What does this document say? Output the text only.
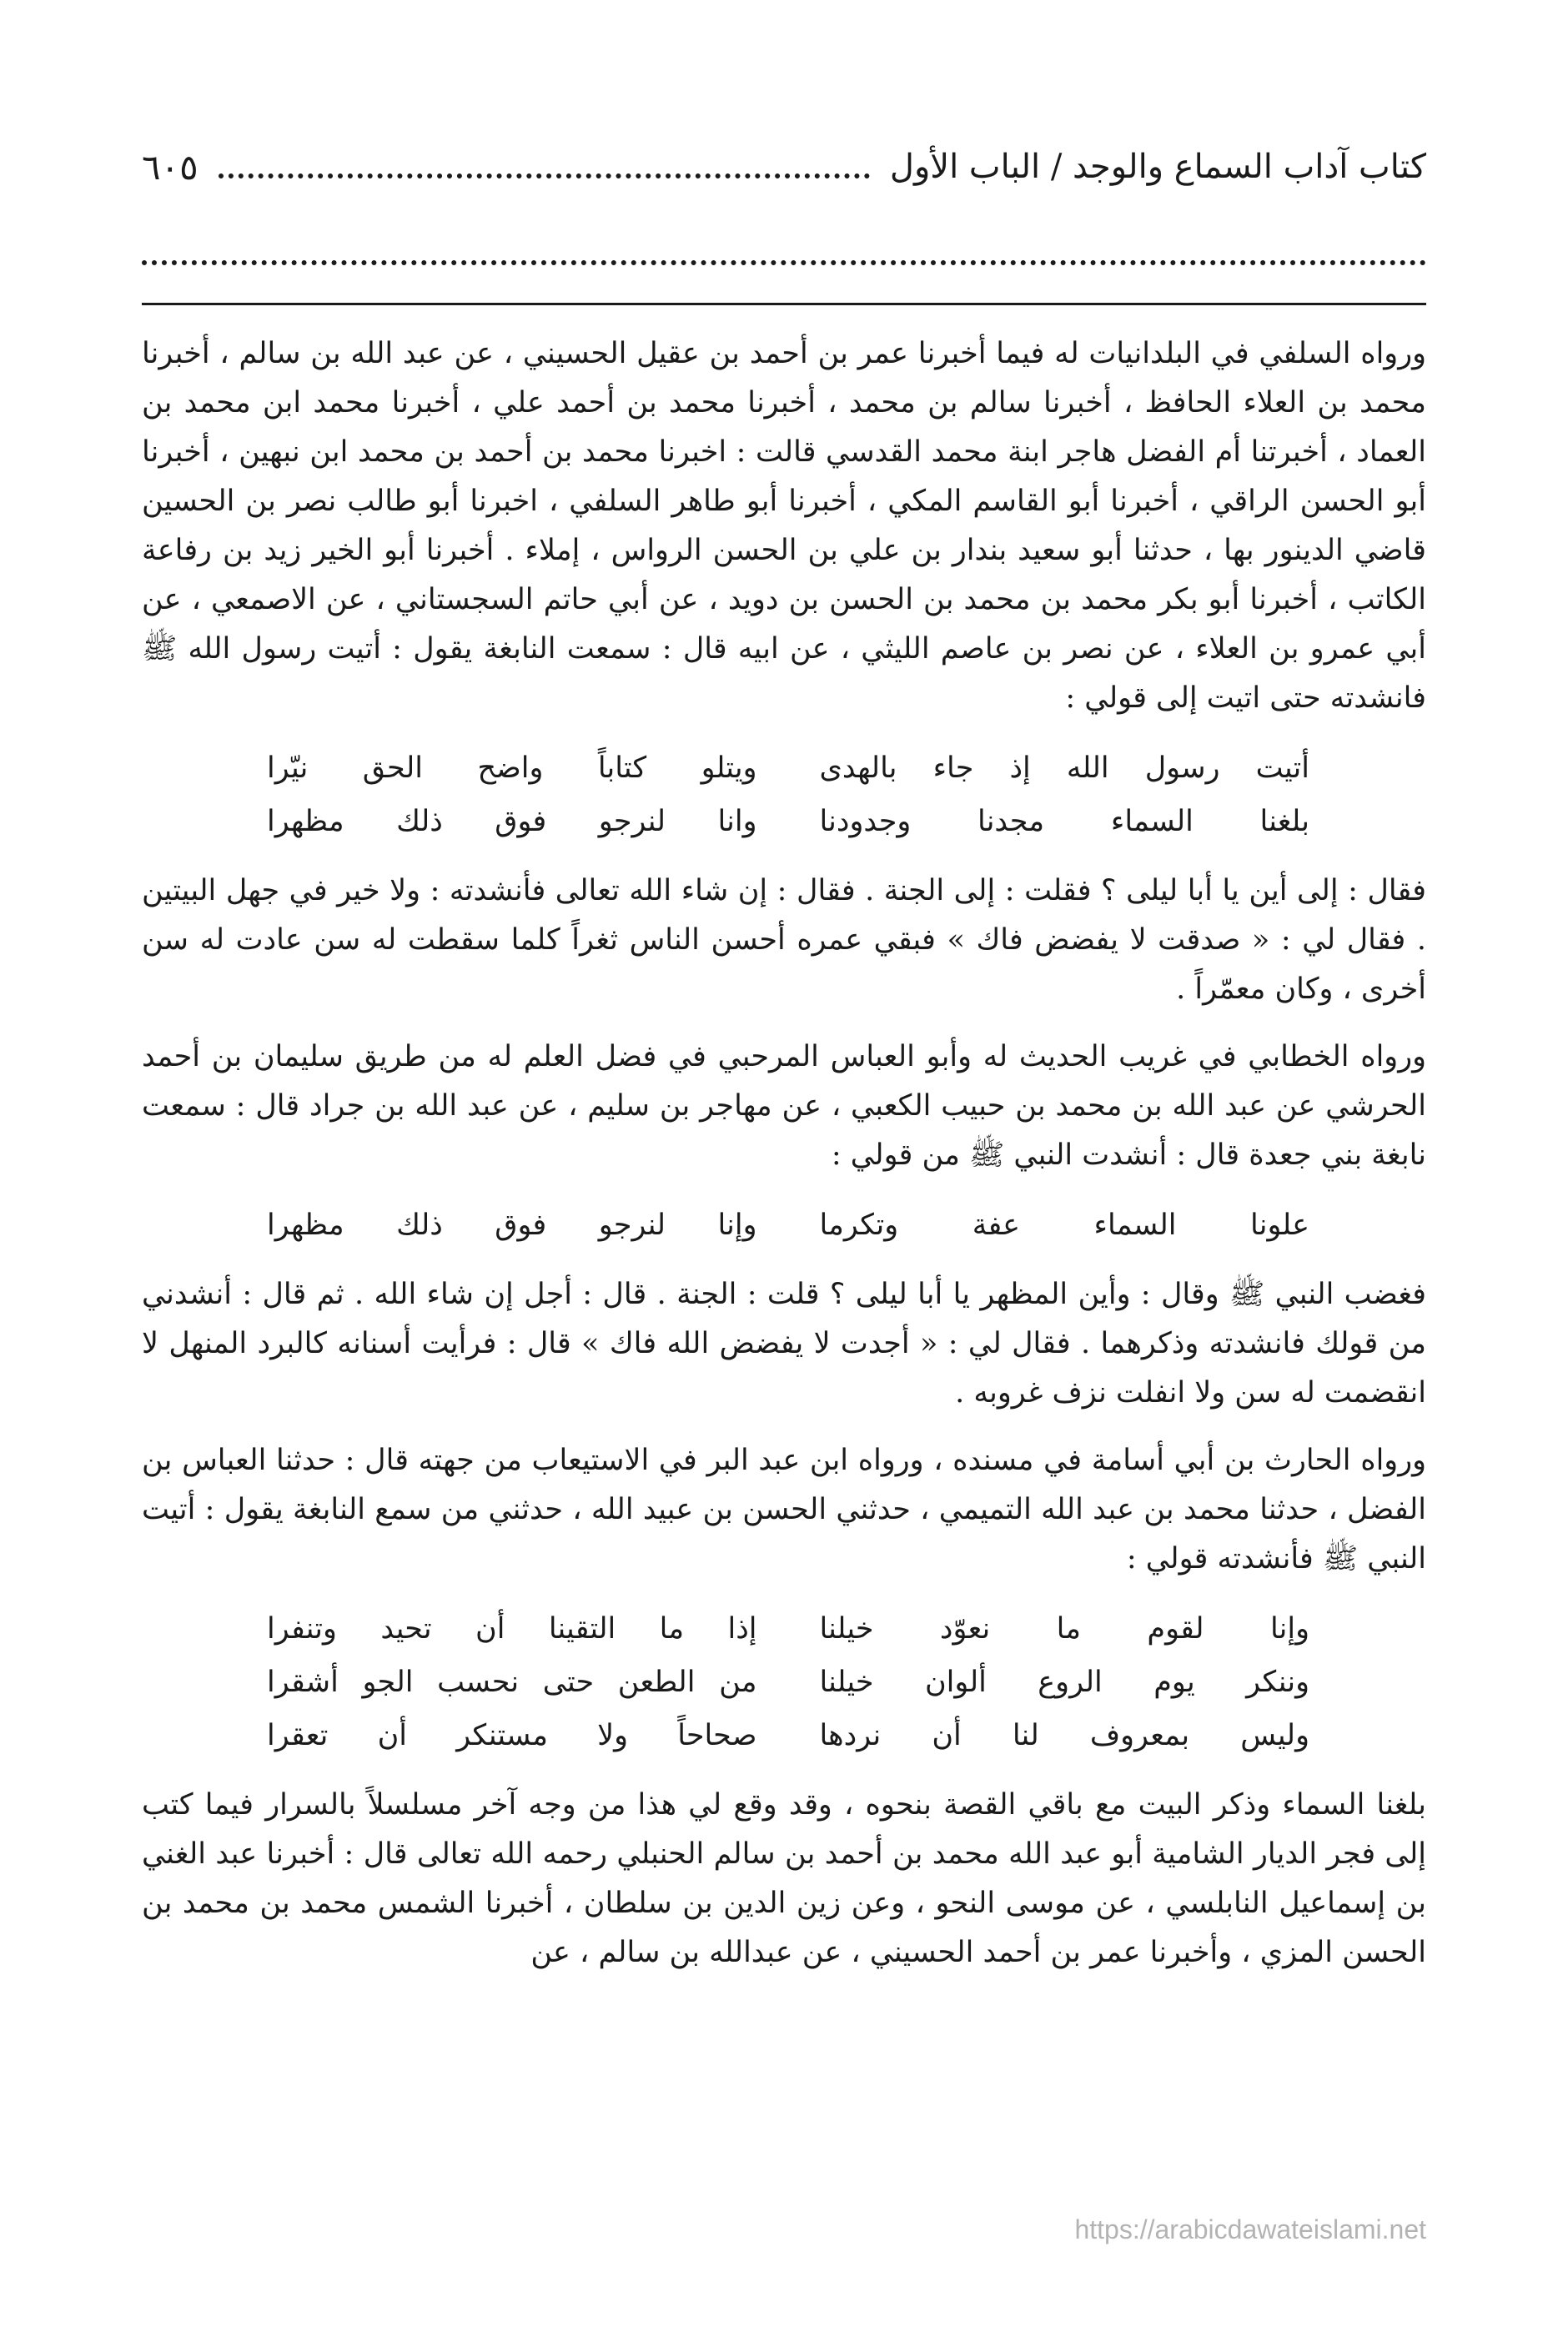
كتاب آداب السماع والوجد / الباب الأول
٦٠٥

ورواه السلفي في البلدانيات له فيما أخبرنا عمر بن أحمد بن عقيل الحسيني ، عن عبد الله بن سالم ، أخبرنا محمد بن العلاء الحافظ ، أخبرنا سالم بن محمد ، أخبرنا محمد بن أحمد علي ، أخبرنا محمد ابن محمد بن العماد ، أخبرتنا أم الفضل هاجر ابنة محمد القدسي قالت : اخبرنا محمد بن أحمد بن محمد ابن نبهين ، أخبرنا أبو الحسن الراقي ، أخبرنا أبو القاسم المكي ، أخبرنا أبو طاهر السلفي ، اخبرنا أبو طالب نصر بن الحسين قاضي الدينور بها ، حدثنا أبو سعيد بندار بن علي بن الحسن الرواس ، إملاء . أخبرنا أبو الخير زيد بن رفاعة الكاتب ، أخبرنا أبو بكر محمد بن محمد بن الحسن بن دويد ، عن أبي حاتم السجستاني ، عن الاصمعي ، عن أبي عمرو بن العلاء ، عن نصر بن عاصم الليثي ، عن ابيه قال : سمعت النابغة يقول : أتيت رسول الله ﷺ فانشدته حتى اتيت إلى قولي :

أتيت رسول الله إذ جاء بالهدى
ويتلو كتاباً واضح الحق نيّرا
بلغنا السماء مجدنا وجدودنا
وانا لنرجو فوق ذلك مظهرا

فقال : إلى أين يا أبا ليلى ؟ فقلت : إلى الجنة . فقال : إن شاء الله تعالى فأنشدته : ولا خير في جهل البيتين . فقال لي : « صدقت لا يفضض فاك » فبقي عمره أحسن الناس ثغراً كلما سقطت له سن عادت له سن أخرى ، وكان معمّراً .

ورواه الخطابي في غريب الحديث له وأبو العباس المرحبي في فضل العلم له من طريق سليمان بن أحمد الحرشي عن عبد الله بن محمد بن حبيب الكعبي ، عن مهاجر بن سليم ، عن عبد الله بن جراد قال : سمعت نابغة بني جعدة قال : أنشدت النبي ﷺ من قولي :

علونا السماء عفة وتكرما
وإنا لنرجو فوق ذلك مظهرا

فغضب النبي ﷺ وقال : وأين المظهر يا أبا ليلى ؟ قلت : الجنة . قال : أجل إن شاء الله . ثم قال : أنشدني من قولك فانشدته وذكرهما . فقال لي : « أجدت لا يفضض الله فاك » قال : فرأيت أسنانه كالبرد المنهل لا انقضمت له سن ولا انفلت نزف غروبه .

ورواه الحارث بن أبي أسامة في مسنده ، ورواه ابن عبد البر في الاستيعاب من جهته قال : حدثنا العباس بن الفضل ، حدثنا محمد بن عبد الله التميمي ، حدثني الحسن بن عبيد الله ، حدثني من سمع النابغة يقول : أتيت النبي ﷺ فأنشدته قولي :

وإنا لقوم ما نعوّد خيلنا
إذا ما التقينا أن تحيد وتنفرا
وننكر يوم الروع ألوان خيلنا
من الطعن حتى نحسب الجو أشقرا
وليس بمعروف لنا أن نردها
صحاحاً ولا مستنكر أن تعقرا

بلغنا السماء وذكر البيت مع باقي القصة بنحوه ، وقد وقع لي هذا من وجه آخر مسلسلاً بالسرار فيما كتب إلى فجر الديار الشامية أبو عبد الله محمد بن أحمد بن سالم الحنبلي رحمه الله تعالى قال : أخبرنا عبد الغني بن إسماعيل النابلسي ، عن موسى النحو ، وعن زين الدين بن سلطان ، أخبرنا الشمس محمد بن محمد بن الحسن المزي ، وأخبرنا عمر بن أحمد الحسيني ، عن عبدالله بن سالم ، عن

https://arabicdawateislami.net
